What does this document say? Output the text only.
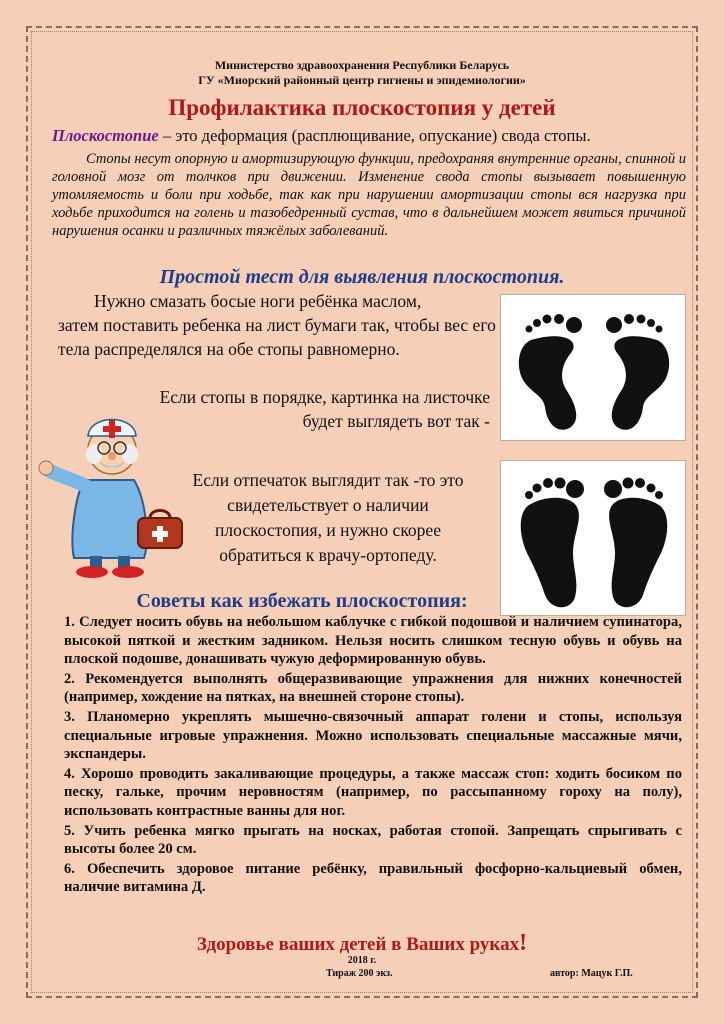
Министерство здравоохранения Республики Беларусь
ГУ «Миорский районный центр гигиены и эпидемиологии»
Профилактика плоскостопия у детей
Плоскостопие – это деформация (расплющивание, опускание) свода стопы.

Стопы несут опорную и амортизирующую функции, предохраняя внутренние органы, спинной и головной мозг от толчков при движении. Изменение свода стопы вызывает повышенную утомляемость и боли при ходьбе, так как при нарушении амортизации стопы вся нагрузка при ходьбе приходится на голень и тазобедренный сустав, что в дальнейшем может явиться причиной нарушения осанки и различных тяжёлых заболеваний.

Простой тест для выявления плоскостопия.
Нужно смазать босые ноги ребёнка маслом,
затем поставить ребенка на лист бумаги так, чтобы вес его тела распределялся на обе стопы равномерно.
Если стопы в порядке, картинка на листочке будет выглядеть вот так -
Если отпечаток выглядит так -то это свидетельствует о наличии плоскостопия, и нужно скорее обратиться к врачу-ортопеду.
Советы как избежать плоскостопия:
1. Следует носить обувь на небольшом каблучке с гибкой подошвой и наличием супинатора, высокой пяткой и жестким задником. Нельзя носить слишком тесную обувь и обувь на плоской подошве, донашивать чужую деформированную обувь.
2. Рекомендуется выполнять общеразвивающие упражнения для нижних конечностей (например, хождение на пятках, на внешней стороне стопы).
3. Планомерно укреплять мышечно-связочный аппарат голени и стопы, используя специальные игровые упражнения. Можно использовать специальные массажные мячи, экспандеры.
4. Хорошо проводить закаливающие процедуры, а также массаж стоп: ходить босиком по песку, гальке, прочим неровностям (например, по рассыпанному гороху на полу), использовать контрастные ванны для ног.
5. Учить ребенка мягко прыгать на носках, работая стопой. Запрещать спрыгивать с высоты более 20 см.
6. Обеспечить здоровое питание ребёнку, правильный фосфорно-кальциевый обмен, наличие витамина Д.
Здоровье ваших детей в Ваших руках!
2018 г.
Тираж 200 экз.	автор: Мацук Г.П.
